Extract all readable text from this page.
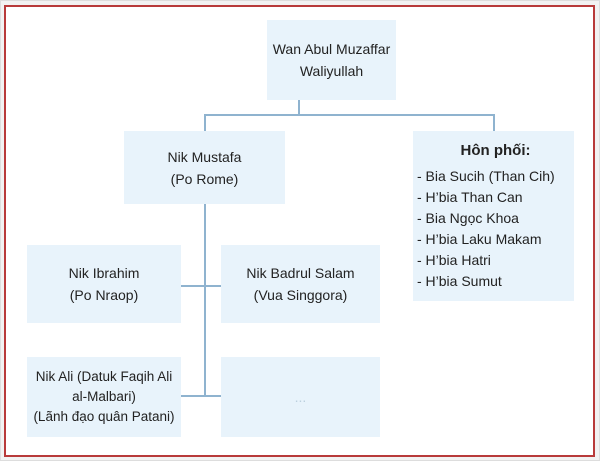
Wan Abul Muzaffar
Waliyullah
Nik Mustafa
(Po Rome)
Hôn phối:
- Bia Sucih (Than Cih)
- H’bia Than Can
- Bia Ngọc Khoa
- H’bia Laku Makam
- H’bia Hatri
- H’bia Sumut
Nik Ibrahim
(Po Nraop)
Nik Badrul Salam
(Vua Singgora)
Nik Ali (Datuk Faqih Ali
al-Malbari)
(Lãnh đạo quân Patani)
...
